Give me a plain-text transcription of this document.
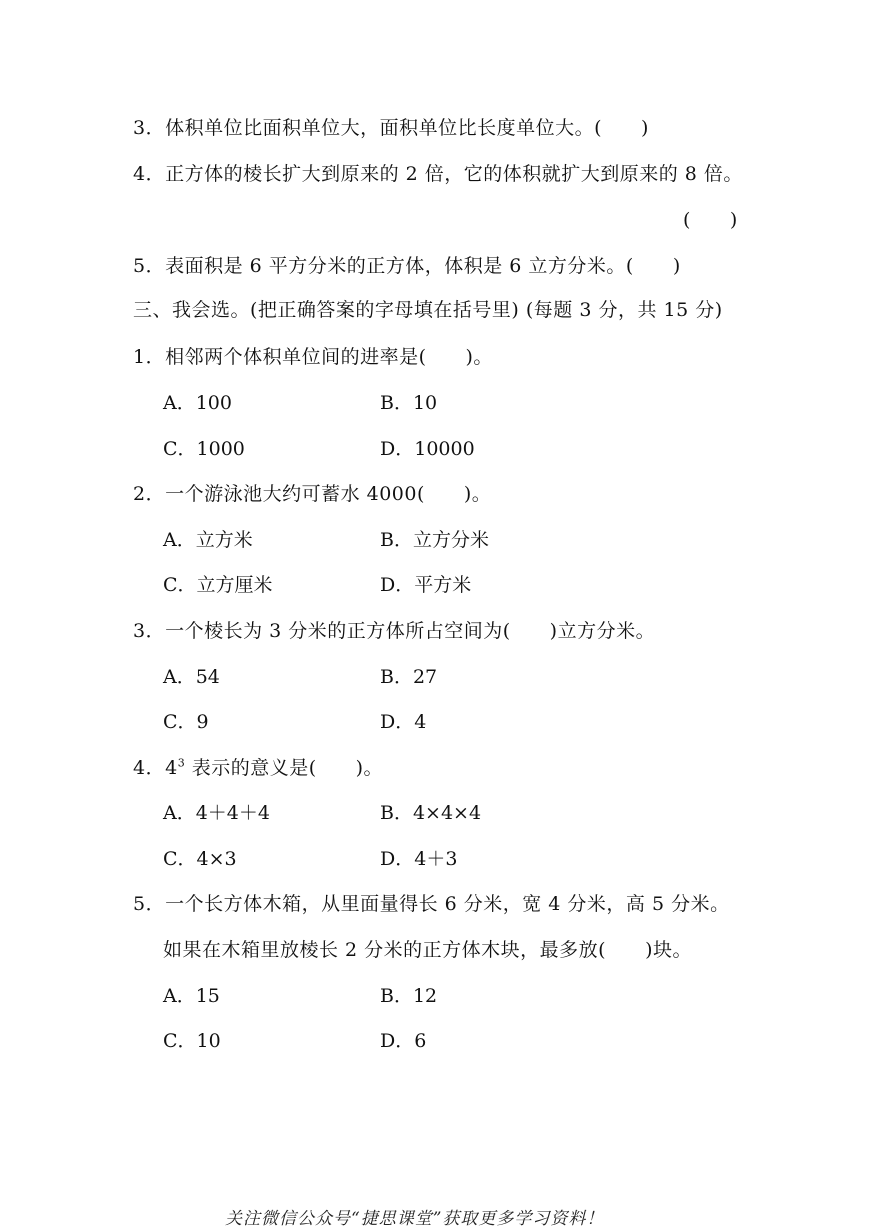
3．体积单位比面积单位大，面积单位比长度单位大。(　　)
4．正方体的棱长扩大到原来的 2 倍，它的体积就扩大到原来的 8 倍。
(　　)
5．表面积是 6 平方分米的正方体，体积是 6 立方分米。(　　)
三、我会选。(把正确答案的字母填在括号里) (每题 3 分，共 15 分)
1．相邻两个体积单位间的进率是(　　)。
A．100	B．10
C．1000	D．10000
2．一个游泳池大约可蓄水 4000(　　)。
A．立方米	B．立方分米
C．立方厘米	D．平方米
3．一个棱长为 3 分米的正方体所占空间为(　　)立方分米。
A．54	B．27
C．9	D．4
4．$4^3$ 表示的意义是(　　)。
A．4＋4＋4	B．4×4×4
C．4×3	D．4＋3
5．一个长方体木箱，从里面量得长 6 分米，宽 4 分米，高 5 分米。
如果在木箱里放棱长 2 分米的正方体木块，最多放(　　)块。
A．15	B．12
C．10	D．6
关注微信公众号“捷思课堂”获取更多学习资料！
